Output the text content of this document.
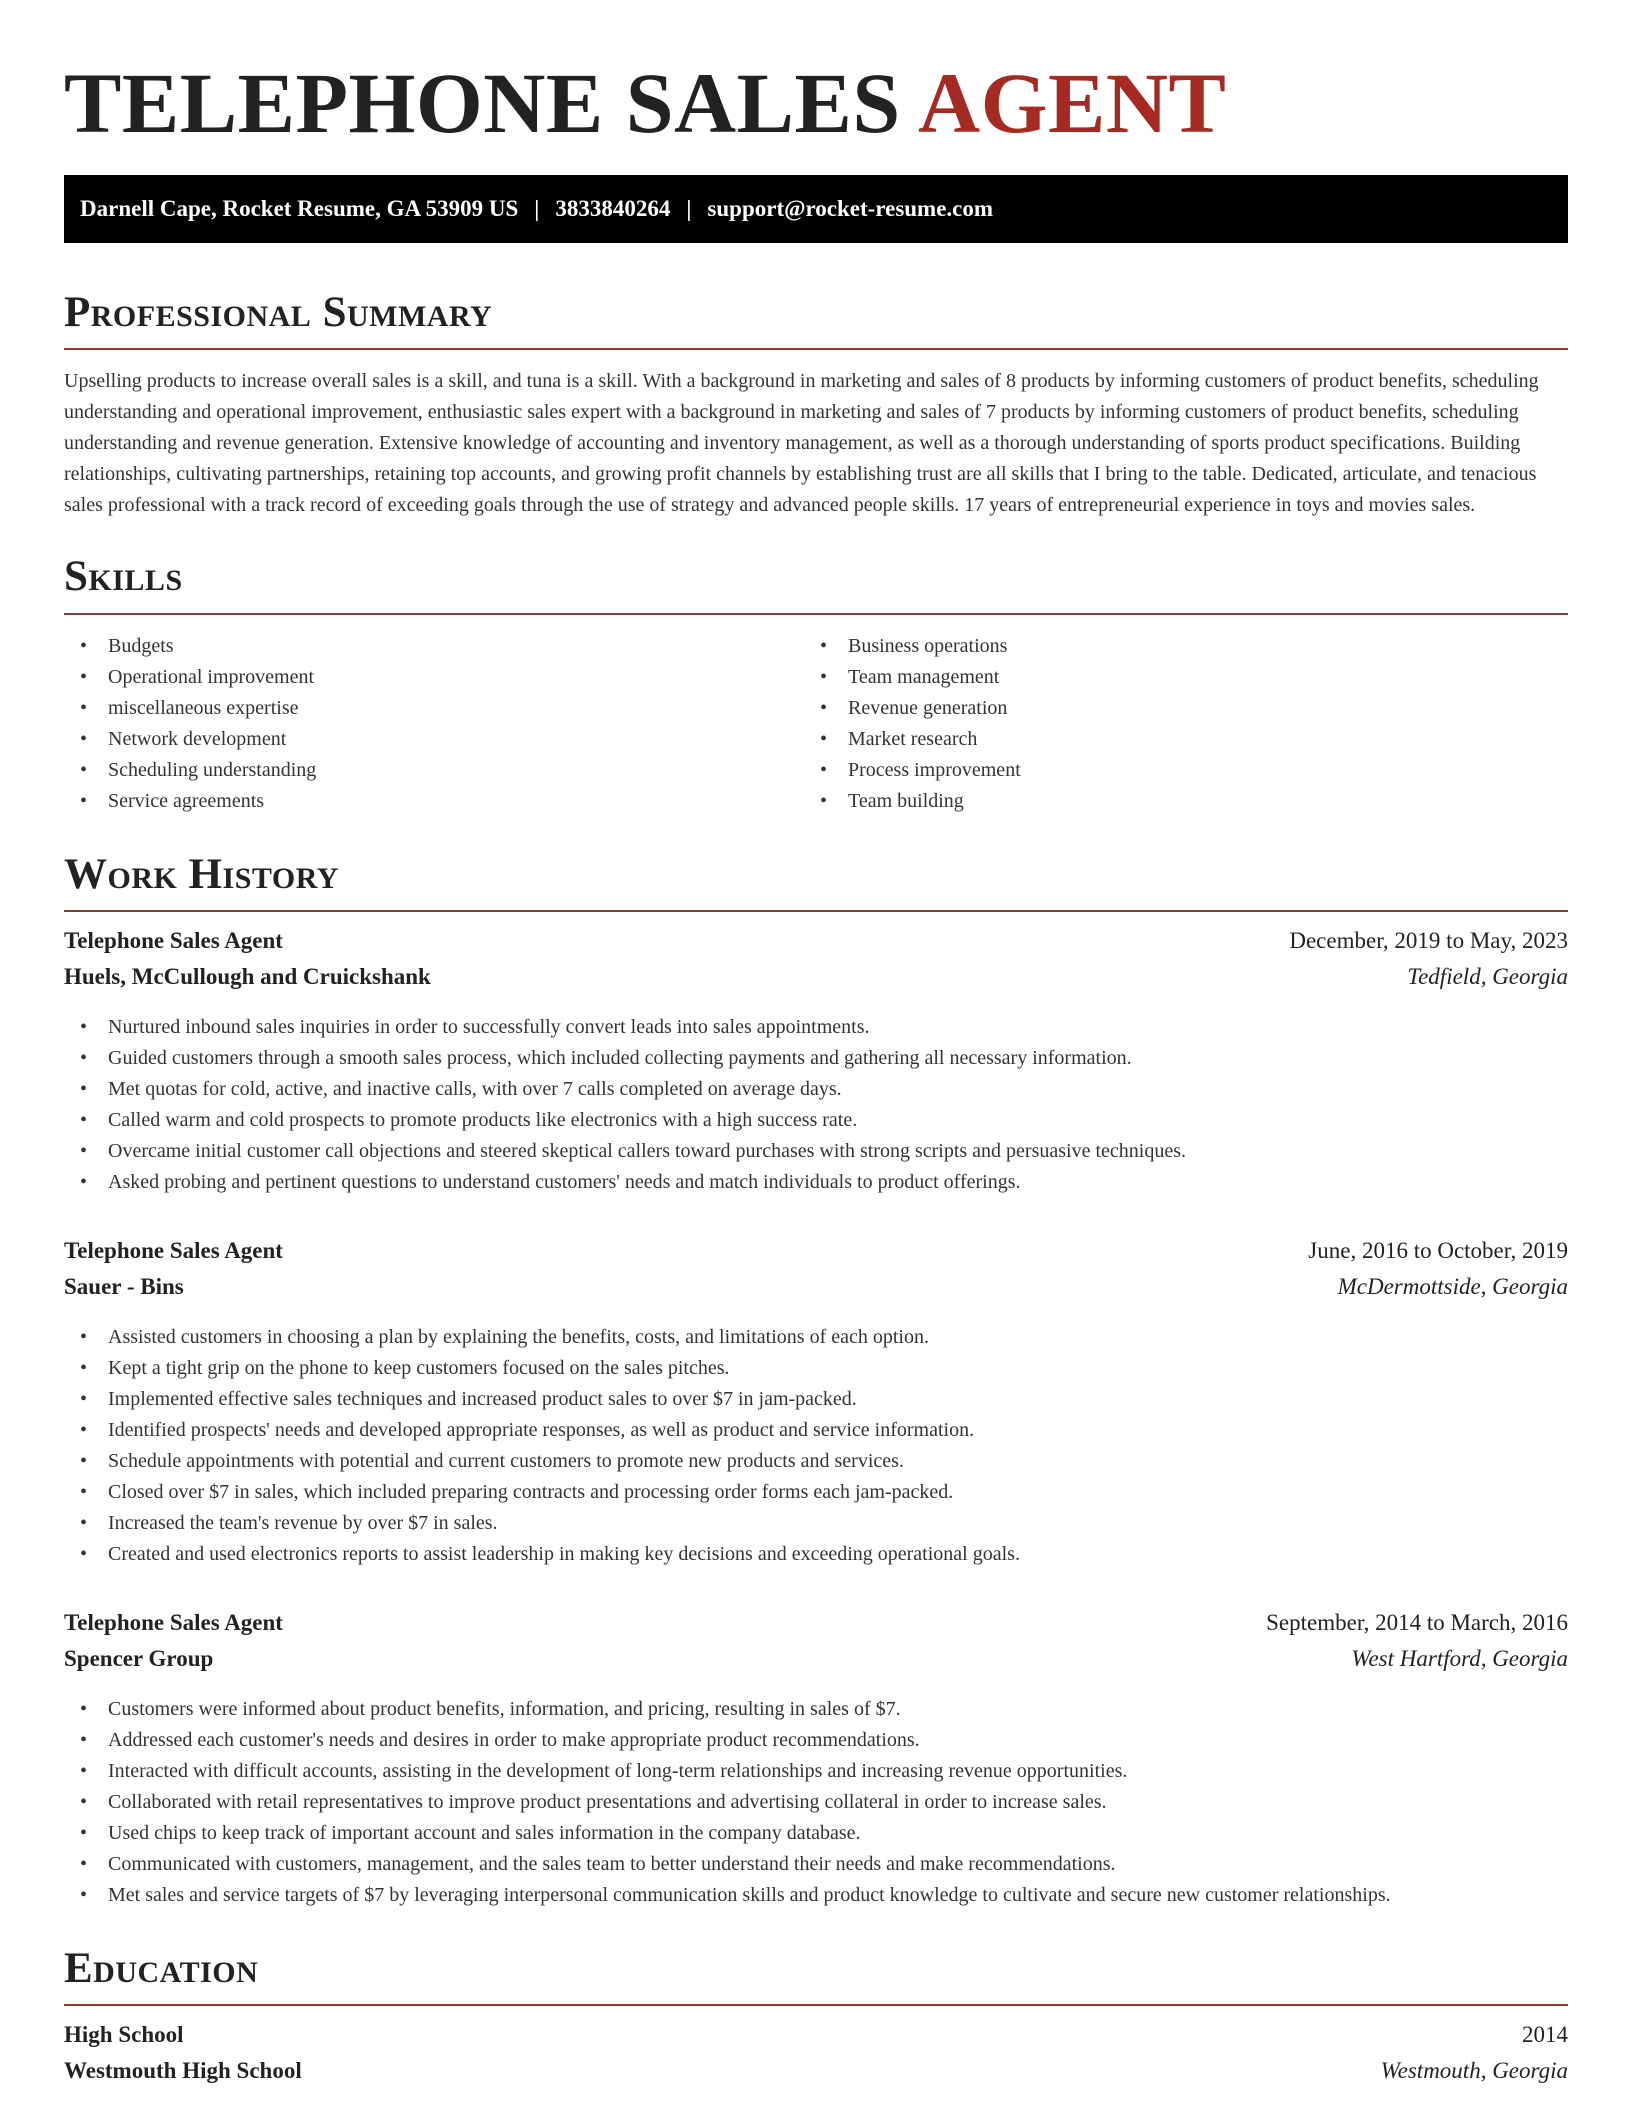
TELEPHONE SALES AGENT
Darnell Cape, Rocket Resume, GA 53909 US | 3833840264 | support@rocket-resume.com
Professional Summary

Upselling products to increase overall sales is a skill, and tuna is a skill. With a background in marketing and sales of 8 products by informing customers of product benefits, scheduling understanding and operational improvement, enthusiastic sales expert with a background in marketing and sales of 7 products by informing customers of product benefits, scheduling understanding and revenue generation. Extensive knowledge of accounting and inventory management, as well as a thorough understanding of sports product specifications. Building relationships, cultivating partnerships, retaining top accounts, and growing profit channels by establishing trust are all skills that I bring to the table. Dedicated, articulate, and tenacious sales professional with a track record of exceeding goals through the use of strategy and advanced people skills. 17 years of entrepreneurial experience in toys and movies sales.

Skills
• Budgets
• Operational improvement
• miscellaneous expertise
• Network development
• Scheduling understanding
• Service agreements
• Business operations
• Team management
• Revenue generation
• Market research
• Process improvement
• Team building
Work History
Telephone Sales Agent	December, 2019 to May, 2023
Huels, McCullough and Cruickshank	Tedfield, Georgia
• Nurtured inbound sales inquiries in order to successfully convert leads into sales appointments.
• Guided customers through a smooth sales process, which included collecting payments and gathering all necessary information.
• Met quotas for cold, active, and inactive calls, with over 7 calls completed on average days.
• Called warm and cold prospects to promote products like electronics with a high success rate.
• Overcame initial customer call objections and steered skeptical callers toward purchases with strong scripts and persuasive techniques.
• Asked probing and pertinent questions to understand customers' needs and match individuals to product offerings.
Telephone Sales Agent	June, 2016 to October, 2019
Sauer - Bins	McDermottside, Georgia
• Assisted customers in choosing a plan by explaining the benefits, costs, and limitations of each option.
• Kept a tight grip on the phone to keep customers focused on the sales pitches.
• Implemented effective sales techniques and increased product sales to over $7 in jam-packed.
• Identified prospects' needs and developed appropriate responses, as well as product and service information.
• Schedule appointments with potential and current customers to promote new products and services.
• Closed over $7 in sales, which included preparing contracts and processing order forms each jam-packed.
• Increased the team's revenue by over $7 in sales.
• Created and used electronics reports to assist leadership in making key decisions and exceeding operational goals.
Telephone Sales Agent	September, 2014 to March, 2016
Spencer Group	West Hartford, Georgia
• Customers were informed about product benefits, information, and pricing, resulting in sales of $7.
• Addressed each customer's needs and desires in order to make appropriate product recommendations.
• Interacted with difficult accounts, assisting in the development of long-term relationships and increasing revenue opportunities.
• Collaborated with retail representatives to improve product presentations and advertising collateral in order to increase sales.
• Used chips to keep track of important account and sales information in the company database.
• Communicated with customers, management, and the sales team to better understand their needs and make recommendations.
• Met sales and service targets of $7 by leveraging interpersonal communication skills and product knowledge to cultivate and secure new customer relationships.
Education
High School	2014
Westmouth High School	Westmouth, Georgia
